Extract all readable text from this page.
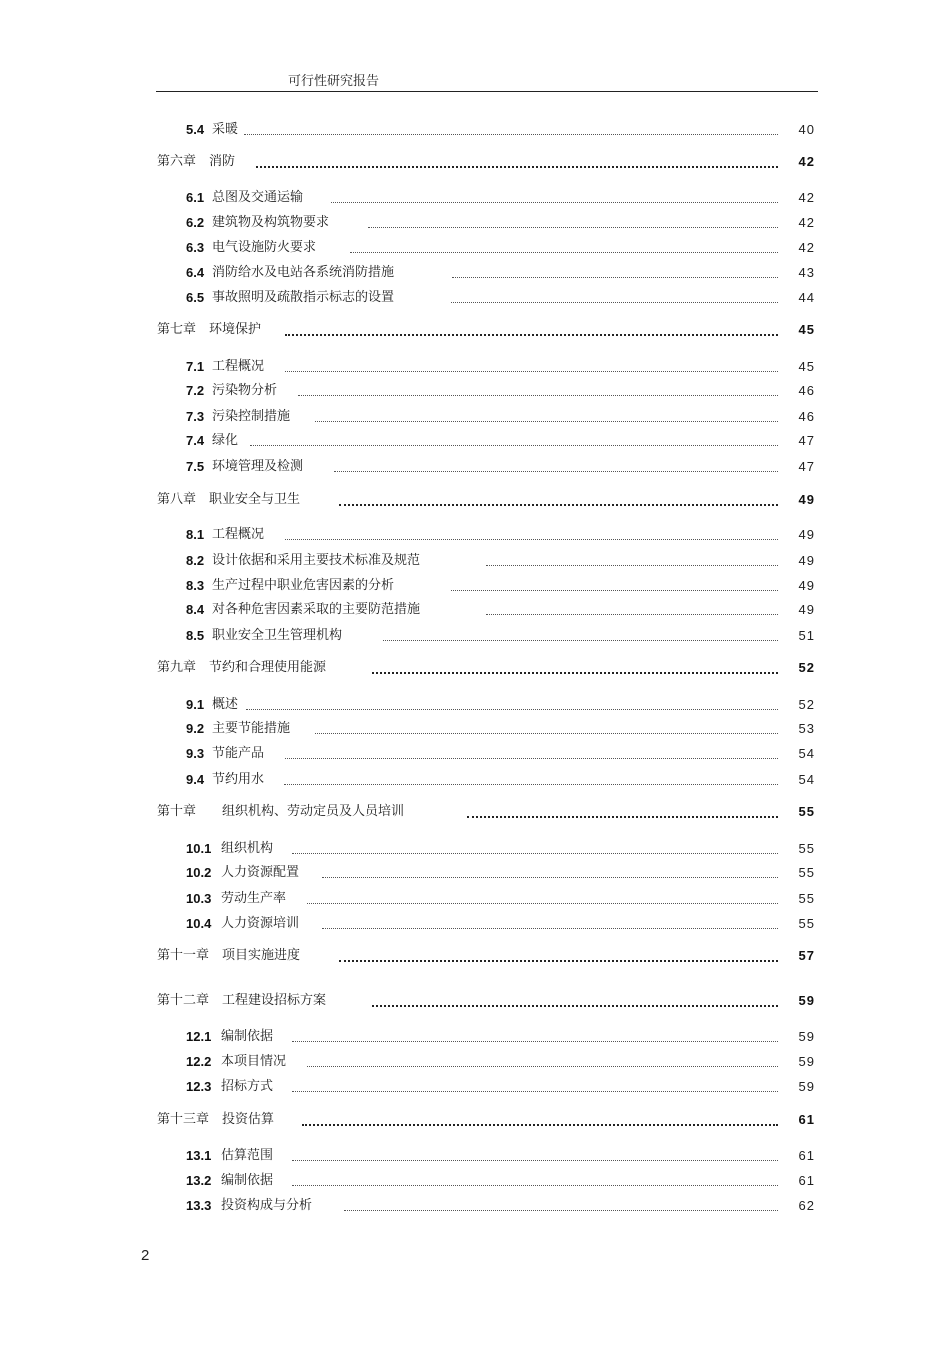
可行性研究报告
5.4 采暖	40
第六章　消防	42
6.1 总图及交通运输	42
6.2 建筑物及构筑物要求	42
6.3 电气设施防火要求	42
6.4 消防给水及电站各系统消防措施	43
6.5 事故照明及疏散指示标志的设置	44
第七章　环境保护	45
7.1 工程概况	45
7.2 污染物分析	46
7.3 污染控制措施	46
7.4 绿化	47
7.5 环境管理及检测	47
第八章　职业安全与卫生	49
8.1 工程概况	49
8.2 设计依据和采用主要技术标准及规范	49
8.3 生产过程中职业危害因素的分析	49
8.4 对各种危害因素采取的主要防范措施	49
8.5 职业安全卫生管理机构	51
第九章　节约和合理使用能源	52
9.1 概述	52
9.2 主要节能措施	53
9.3 节能产品	54
9.4 节约用水	54
第十章　　组织机构、劳动定员及人员培训	55
10.1 组织机构	55
10.2 人力资源配置	55
10.3 劳动生产率	55
10.4 人力资源培训	55
第十一章　项目实施进度	57
第十二章　工程建设招标方案	59
12.1 编制依据	59
12.2 本项目情况	59
12.3 招标方式	59
第十三章　投资估算	61
13.1 估算范围	61
13.2 编制依据	61
13.3 投资构成与分析	62
2
